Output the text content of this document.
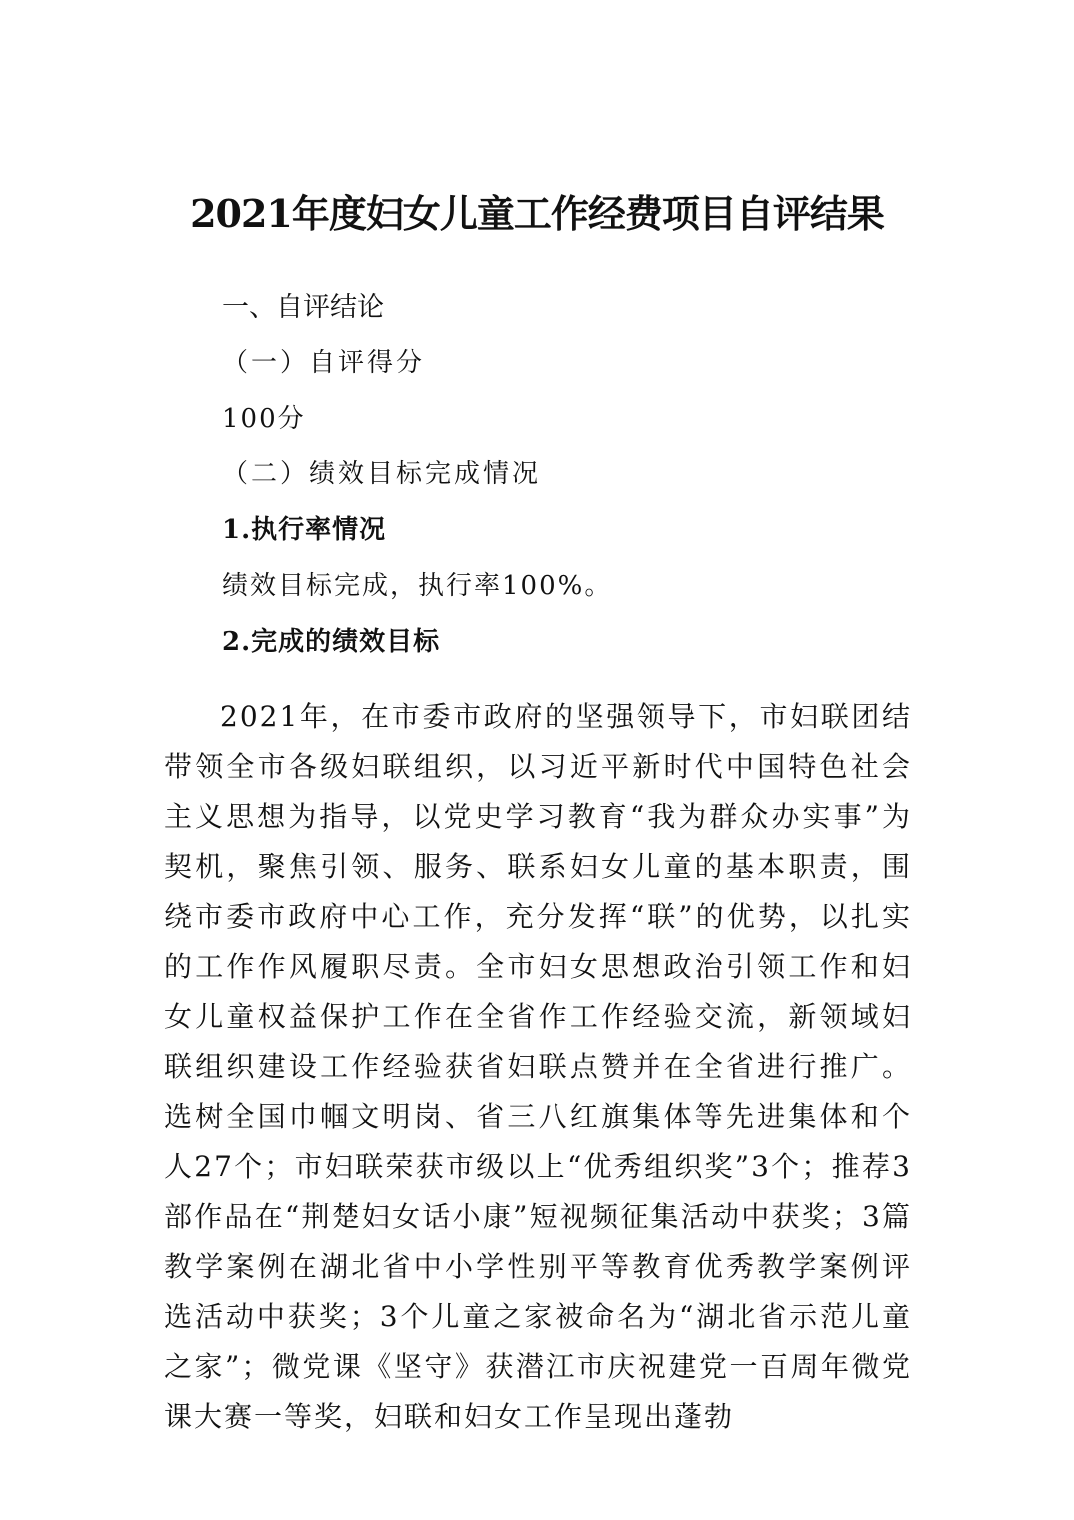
2021年度妇女儿童工作经费项目自评结果
一、自评结论
（一）自评得分
100分
（二）绩效目标完成情况
1.执行率情况
绩效目标完成，执行率100%。
2.完成的绩效目标

2021年，在市委市政府的坚强领导下，市妇联团结带领全市各级妇联组织，以习近平新时代中国特色社会主义思想为指导，以党史学习教育“我为群众办实事”为契机，聚焦引领、服务、联系妇女儿童的基本职责，围绕市委市政府中心工作，充分发挥“联”的优势，以扎实的工作作风履职尽责。全市妇女思想政治引领工作和妇女儿童权益保护工作在全省作工作经验交流，新领域妇联组织建设工作经验获省妇联点赞并在全省进行推广。选树全国巾帼文明岗、省三八红旗集体等先进集体和个人27个；市妇联荣获市级以上“优秀组织奖”3个；推荐3部作品在“荆楚妇女话小康”短视频征集活动中获奖；3篇教学案例在湖北省中小学性别平等教育优秀教学案例评选活动中获奖；3个儿童之家被命名为“湖北省示范儿童之家”；微党课《坚守》获潜江市庆祝建党一百周年微党课大赛一等奖，妇联和妇女工作呈现出蓬勃
